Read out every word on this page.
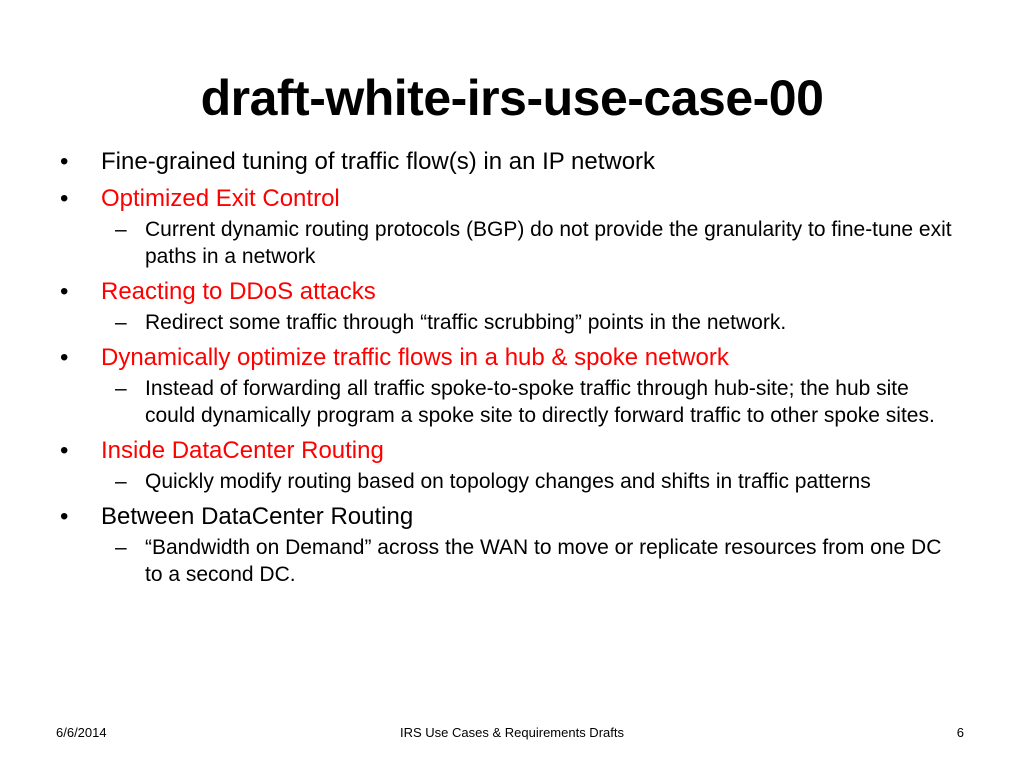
draft-white-irs-use-case-00
•	Fine-grained tuning of traffic flow(s) in an IP network
•	Optimized Exit Control
– Current dynamic routing protocols (BGP) do not provide the granularity to fine-tune exit paths in a network
•	Reacting to DDoS attacks
– Redirect some traffic through “traffic scrubbing” points in the network.
•	Dynamically optimize traffic flows in a hub & spoke network
– Instead of forwarding all traffic spoke-to-spoke traffic through hub-site; the hub site could dynamically program a spoke site to directly forward traffic to other spoke sites.
•	Inside DataCenter Routing
– Quickly modify routing based on topology changes and shifts in traffic patterns
•	Between DataCenter Routing
– “Bandwidth on Demand” across the WAN to move or replicate resources from one DC to a second DC.
6/6/2014	IRS Use Cases & Requirements Drafts	6
